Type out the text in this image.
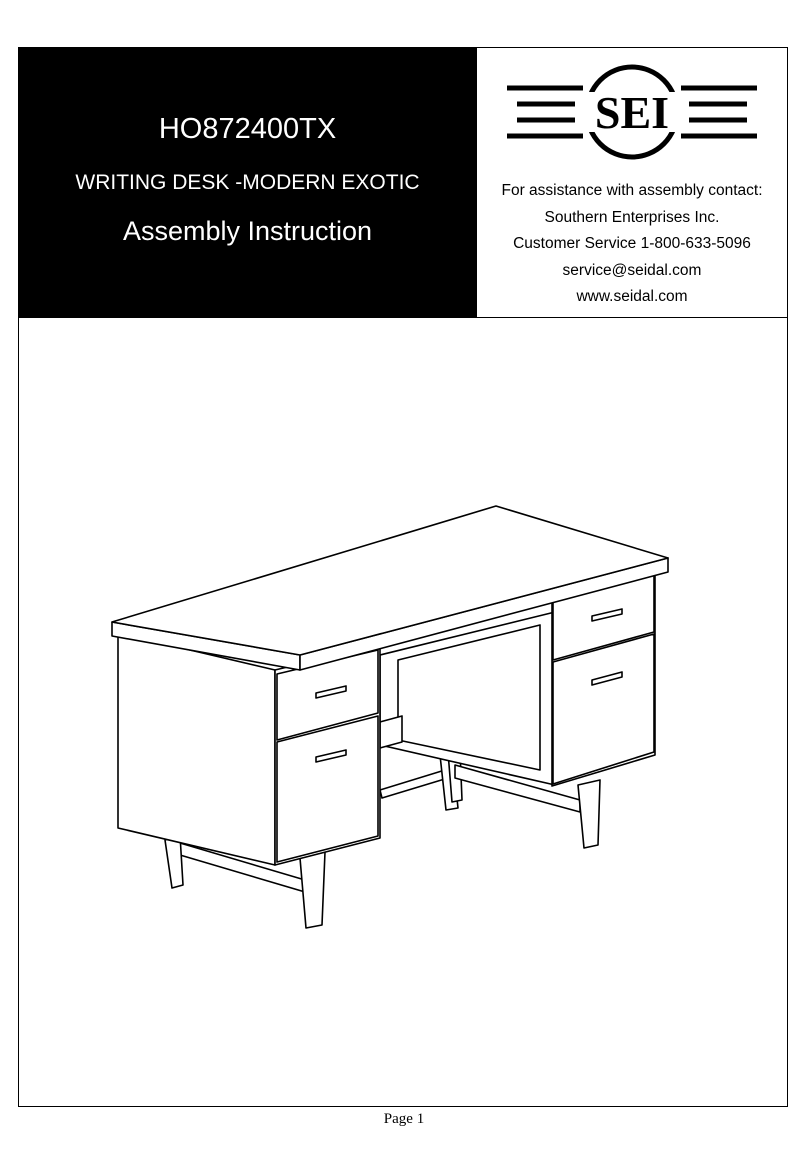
HO872400TX
WRITING DESK -MODERN EXOTIC
Assembly Instruction
SEI
For assistance with assembly contact:
Southern Enterprises Inc.
Customer Service 1-800-633-5096
service@seidal.com
www.seidal.com
Page 1
